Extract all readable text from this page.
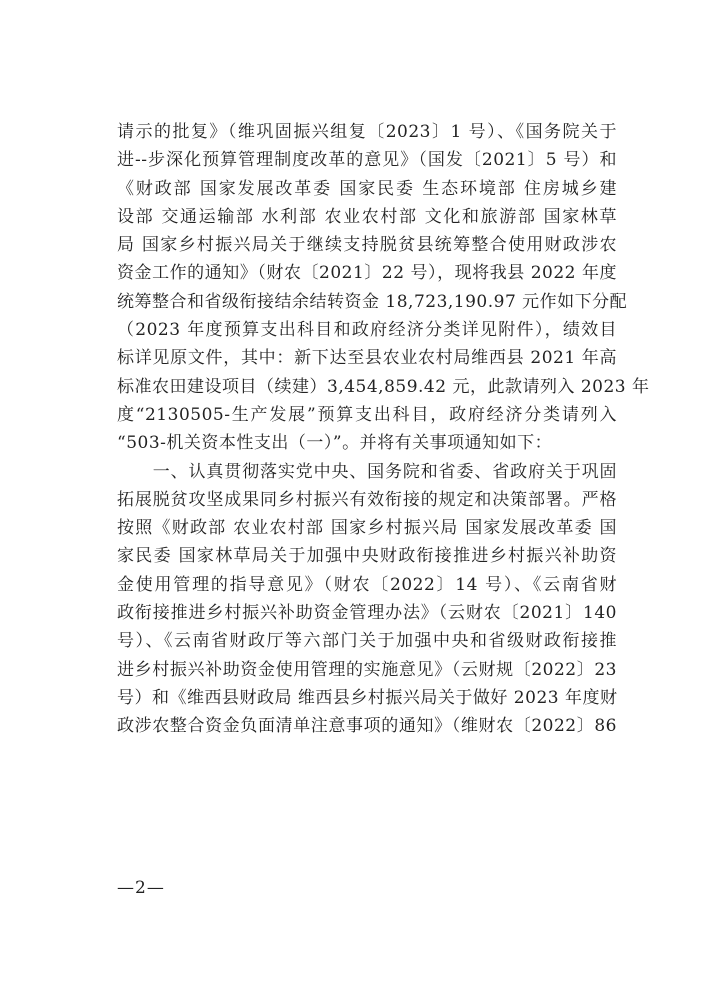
请示的批复》（维巩固振兴组复〔2023〕1 号）、《国务院关于
进--步深化预算管理制度改革的意见》（国发〔2021〕5 号）和
《财政部 国家发展改革委 国家民委 生态环境部 住房城乡建
设部 交通运输部 水利部 农业农村部 文化和旅游部 国家林草
局 国家乡村振兴局关于继续支持脱贫县统筹整合使用财政涉农
资金工作的通知》（财农〔2021〕22 号），现将我县 2022 年度
统筹整合和省级衔接结余结转资金 18,723,190.97 元作如下分配
（2023 年度预算支出科目和政府经济分类详见附件），绩效目
标详见原文件，其中：新下达至县农业农村局维西县 2021 年高
标准农田建设项目（续建）3,454,859.42 元，此款请列入 2023 年
度“2130505-生产发展”预算支出科目，政府经济分类请列入
“503-机关资本性支出（一）”。并将有关事项通知如下：
　　一、认真贯彻落实党中央、国务院和省委、省政府关于巩固
拓展脱贫攻坚成果同乡村振兴有效衔接的规定和决策部署。严格
按照《财政部 农业农村部 国家乡村振兴局 国家发展改革委 国
家民委 国家林草局关于加强中央财政衔接推进乡村振兴补助资
金使用管理的指导意见》（财农〔2022〕14 号）、《云南省财
政衔接推进乡村振兴补助资金管理办法》（云财农〔2021〕140
号）、《云南省财政厅等六部门关于加强中央和省级财政衔接推
进乡村振兴补助资金使用管理的实施意见》（云财规〔2022〕23
号）和《维西县财政局 维西县乡村振兴局关于做好 2023 年度财
政涉农整合资金负面清单注意事项的通知》（维财农〔2022〕86
—2—
